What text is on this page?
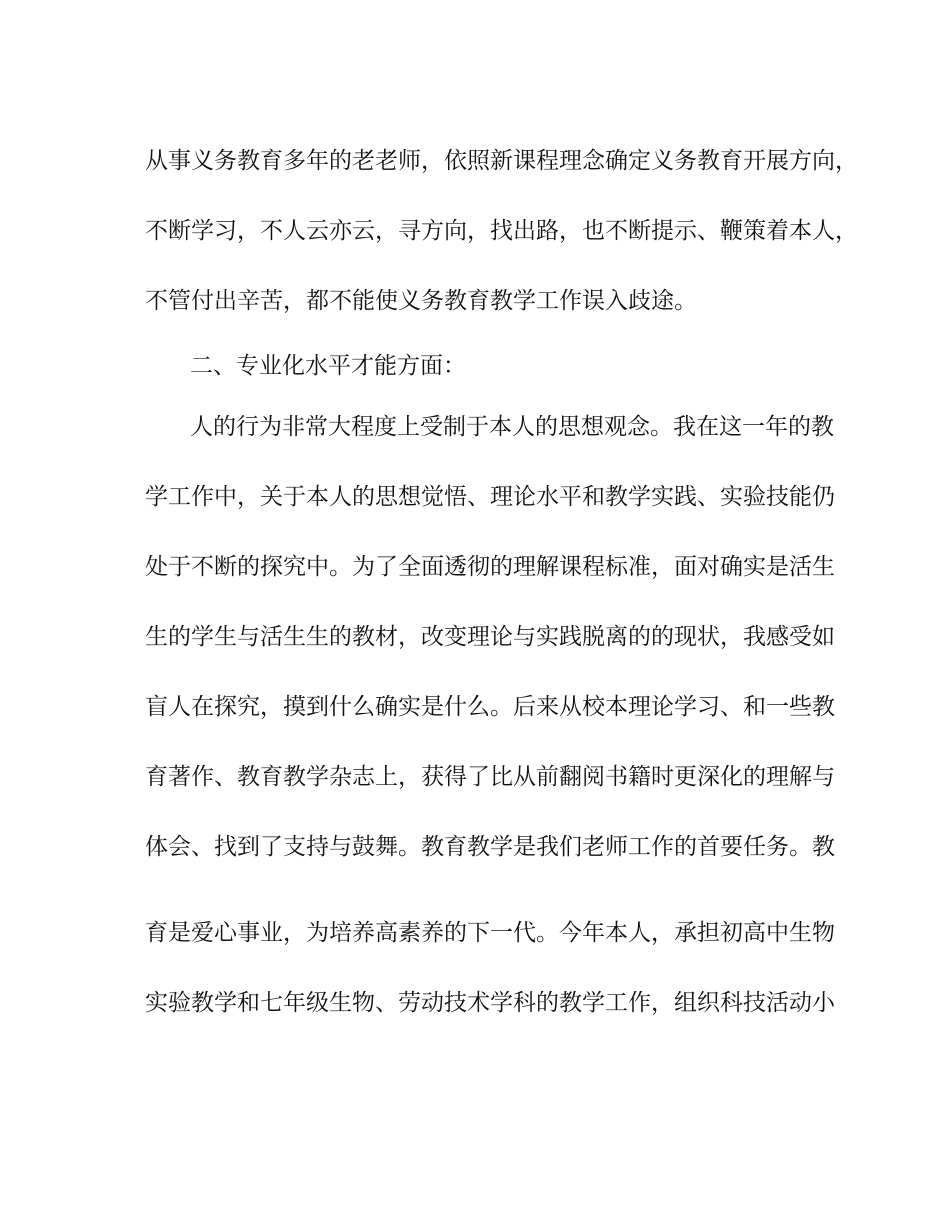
从事义务教育多年的老老师，依照新课程理念确定义务教育开展方向，
不断学习，不人云亦云，寻方向，找出路，也不断提示、鞭策着本人，
不管付出辛苦，都不能使义务教育教学工作误入歧途。
二、专业化水平才能方面：
人的行为非常大程度上受制于本人的思想观念。我在这一年的教
学工作中，关于本人的思想觉悟、理论水平和教学实践、实验技能仍
处于不断的探究中。为了全面透彻的理解课程标准，面对确实是活生
生的学生与活生生的教材，改变理论与实践脱离的的现状，我感受如
盲人在探究，摸到什么确实是什么。后来从校本理论学习、和一些教
育著作、教育教学杂志上，获得了比从前翻阅书籍时更深化的理解与
体会、找到了支持与鼓舞。教育教学是我们老师工作的首要任务。教
育是爱心事业，为培养高素养的下一代。今年本人，承担初高中生物
实验教学和七年级生物、劳动技术学科的教学工作，组织科技活动小
